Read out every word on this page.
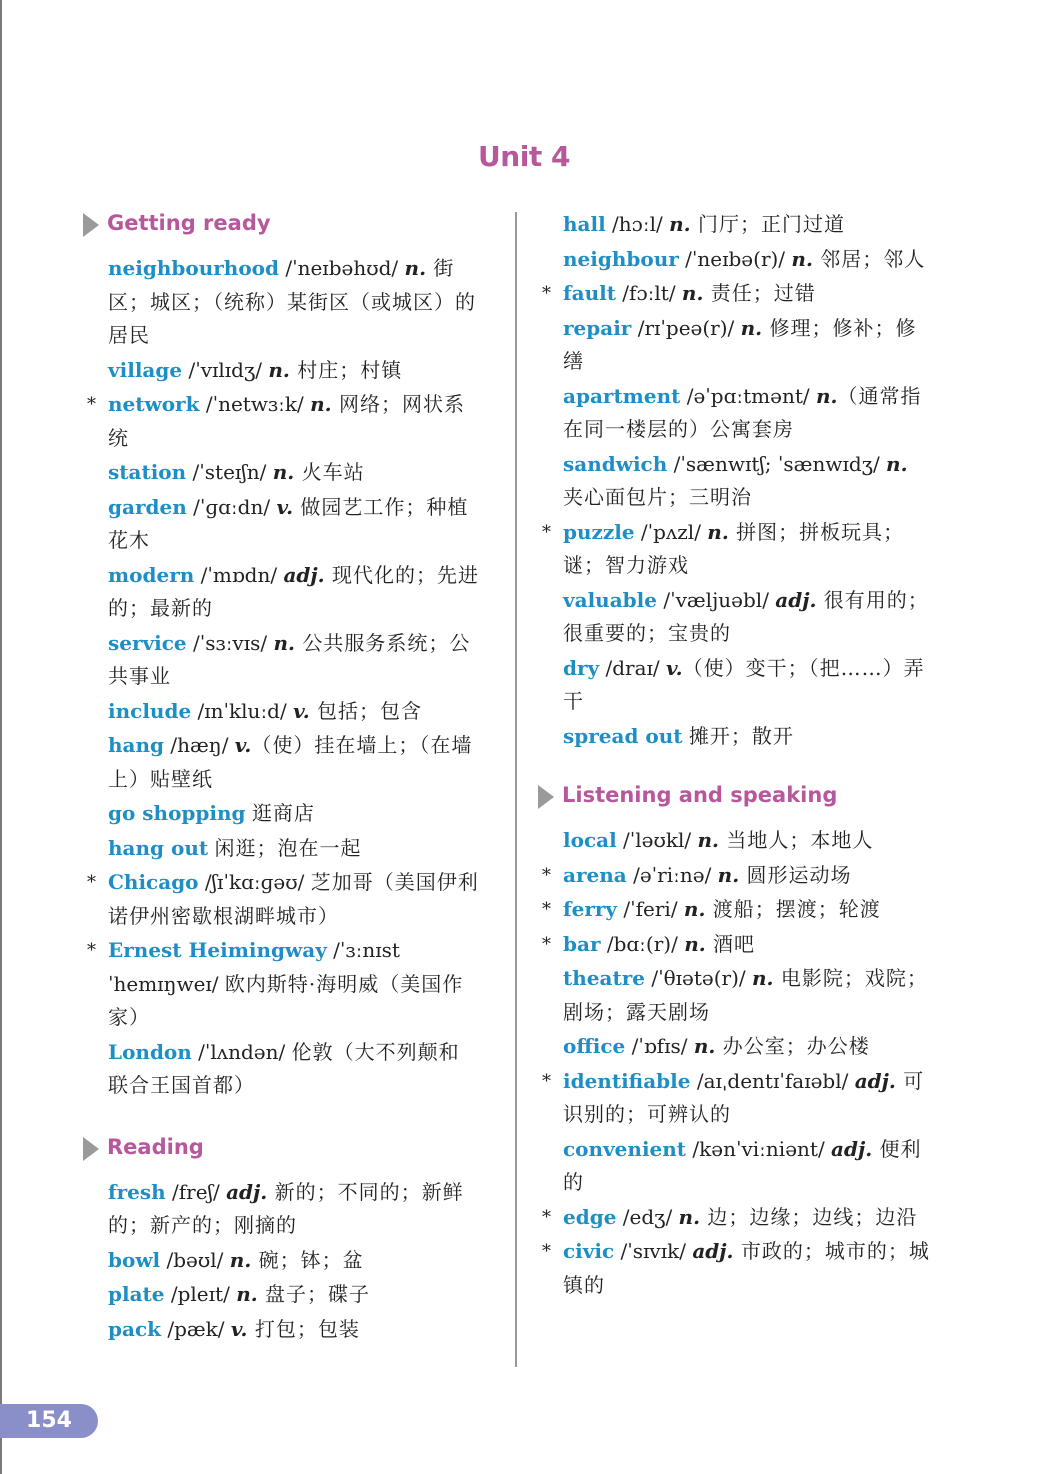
Unit 4
Getting ready
neighbourhood /ˈneɪbəhʊd/ n. 街区；城区；（统称）某街区（或城区）的居民
village /ˈvɪlɪdʒ/ n. 村庄；村镇
* network /ˈnetwɜːk/ n. 网络；网状系统
station /ˈsteɪʃn/ n. 火车站
garden /ˈɡɑːdn/ v. 做园艺工作；种植花木
modern /ˈmɒdn/ adj. 现代化的；先进的；最新的
service /ˈsɜːvɪs/ n. 公共服务系统；公共事业
include /ɪnˈkluːd/ v. 包括；包含
hang /hæŋ/ v.（使）挂在墙上；（在墙上）贴壁纸
go shopping 逛商店
hang out 闲逛；泡在一起
* Chicago /ʃɪˈkɑːɡəʊ/ 芝加哥（美国伊利诺伊州密歇根湖畔城市）
* Ernest Heimingway /ˈɜːnɪst ˈhemɪŋweɪ/ 欧内斯特·海明威（美国作家）
London /ˈlʌndən/ 伦敦（大不列颠和联合王国首都）
Reading
fresh /freʃ/ adj. 新的；不同的；新鲜的；新产的；刚摘的
bowl /bəʊl/ n. 碗；钵；盆
plate /pleɪt/ n. 盘子；碟子
pack /pæk/ v. 打包；包装
hall /hɔːl/ n. 门厅；正门过道
neighbour /ˈneɪbə(r)/ n. 邻居；邻人
* fault /fɔːlt/ n. 责任；过错
repair /rɪˈpeə(r)/ n. 修理；修补；修缮
apartment /əˈpɑːtmənt/ n.（通常指在同一楼层的）公寓套房
sandwich /ˈsænwɪtʃ; ˈsænwɪdʒ/ n. 夹心面包片；三明治
* puzzle /ˈpʌzl/ n. 拼图；拼板玩具；谜；智力游戏
valuable /ˈvæljuəbl/ adj. 很有用的；很重要的；宝贵的
dry /draɪ/ v.（使）变干；（把……）弄干
spread out 摊开；散开
Listening and speaking
local /ˈləʊkl/ n. 当地人；本地人
* arena /əˈriːnə/ n. 圆形运动场
* ferry /ˈferi/ n. 渡船；摆渡；轮渡
* bar /bɑː(r)/ n. 酒吧
theatre /ˈθɪətə(r)/ n. 电影院；戏院；剧场；露天剧场
office /ˈɒfɪs/ n. 办公室；办公楼
* identifiable /aɪˌdentɪˈfaɪəbl/ adj. 可识别的；可辨认的
convenient /kənˈviːniənt/ adj. 便利的
* edge /edʒ/ n. 边；边缘；边线；边沿
* civic /ˈsɪvɪk/ adj. 市政的；城市的；城镇的
154
